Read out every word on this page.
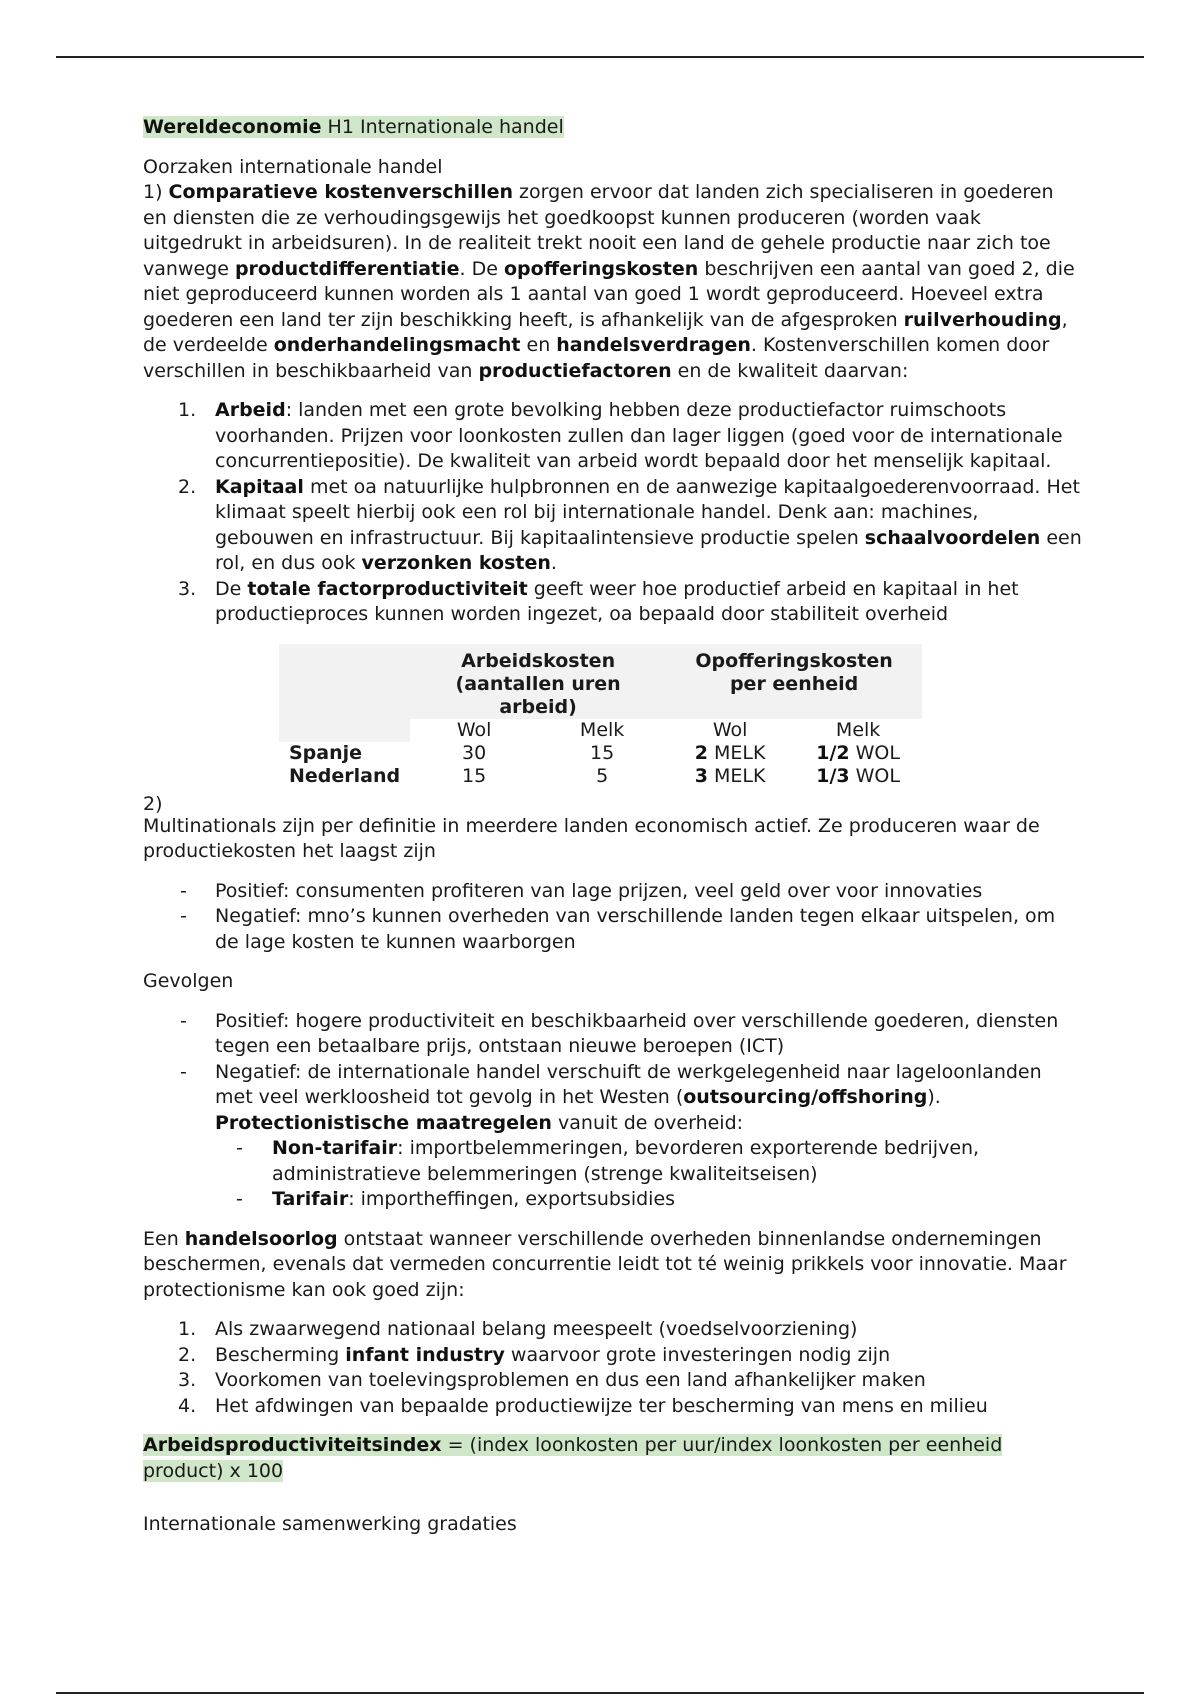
Wereldeconomie H1 Internationale handel

Oorzaken internationale handel

1) Comparatieve kostenverschillen zorgen ervoor dat landen zich specialiseren in goederen en diensten die ze verhoudingsgewijs het goedkoopst kunnen produceren (worden vaak uitgedrukt in arbeidsuren). In de realiteit trekt nooit een land de gehele productie naar zich toe vanwege productdifferentiatie. De opofferingskosten beschrijven een aantal van goed 2, die niet geproduceerd kunnen worden als 1 aantal van goed 1 wordt geproduceerd. Hoeveel extra goederen een land ter zijn beschikking heeft, is afhankelijk van de afgesproken ruilverhouding, de verdeelde onderhandelingsmacht en handelsverdragen. Kostenverschillen komen door verschillen in beschikbaarheid van productiefactoren en de kwaliteit daarvan:

1. Arbeid: landen met een grote bevolking hebben deze productiefactor ruimschoots voorhanden. Prijzen voor loonkosten zullen dan lager liggen (goed voor de internationale concurrentiepositie). De kwaliteit van arbeid wordt bepaald door het menselijk kapitaal.
2. Kapitaal met oa natuurlijke hulpbronnen en de aanwezige kapitaalgoederenvoorraad. Het klimaat speelt hierbij ook een rol bij internationale handel. Denk aan: machines, gebouwen en infrastructuur. Bij kapitaalintensieve productie spelen schaalvoordelen een rol, en dus ook verzonken kosten.
3. De totale factorproductiviteit geeft weer hoe productief arbeid en kapitaal in het productieproces kunnen worden ingezet, oa bepaald door stabiliteit overheid
2)
	Arbeidskosten (aantallen uren arbeid)		Opofferingskosten per eenheid	
	Wol	Melk	Wol	Melk
Spanje	30	15	2 MELK	1/2 WOL
Nederland	15	5	3 MELK	1/3 WOL

Multinationals zijn per definitie in meerdere landen economisch actief. Ze produceren waar de productiekosten het laagst zijn

- Positief: consumenten profiteren van lage prijzen, veel geld over voor innovaties
- Negatief: mno’s kunnen overheden van verschillende landen tegen elkaar uitspelen, om de lage kosten te kunnen waarborgen

Gevolgen

- Positief: hogere productiviteit en beschikbaarheid over verschillende goederen, diensten tegen een betaalbare prijs, ontstaan nieuwe beroepen (ICT)
- Negatief: de internationale handel verschuift de werkgelegenheid naar lageloonlanden met veel werkloosheid tot gevolg in het Westen (outsourcing/offshoring). Protectionistische maatregelen vanuit de overheid:
- Non-tarifair: importbelemmeringen, bevorderen exporterende bedrijven, administratieve belemmeringen (strenge kwaliteitseisen)
- Tarifair: importheffingen, exportsubsidies

Een handelsoorlog ontstaat wanneer verschillende overheden binnenlandse ondernemingen beschermen, evenals dat vermeden concurrentie leidt tot té weinig prikkels voor innovatie. Maar protectionisme kan ook goed zijn:

1. Als zwaarwegend nationaal belang meespeelt (voedselvoorziening)
2. Bescherming infant industry waarvoor grote investeringen nodig zijn
3. Voorkomen van toelevingsproblemen en dus een land afhankelijker maken
4. Het afdwingen van bepaalde productiewijze ter bescherming van mens en milieu

Arbeidsproductiviteitsindex = (index loonkosten per uur/index loonkosten per eenheid product) x 100

Internationale samenwerking gradaties
